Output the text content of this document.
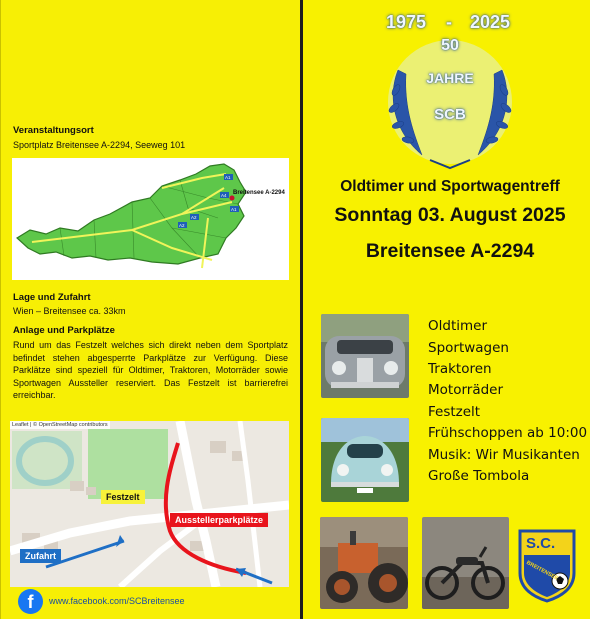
Veranstaltungsort
Sportplatz Breitensee A-2294, Seeweg 101
A1
A4
A2
A2
A1
Breitensee A-2294
Lage und Zufahrt
Wien – Breitensee ca. 33km
Anlage und Parkplätze
Rund um das Festzelt welches sich direkt neben dem Sportplatz befindet stehen abgesperrte Parkplätze zur Verfügung. Diese Parklätze sind speziell für Oldtimer, Traktoren, Motorräder sowie Sportwagen Aussteller reserviert. Das Festzelt ist barrierefrei erreichbar.
Leaflet | © OpenStreetMap contributors
Festzelt
Ausstellerparkplätze
Zufahrt
f	www.facebook.com/SCBreitensee
1975 - 2025
50
JAHRE
SCB
Oldtimer und Sportwagentreff
Sonntag 03. August 2025
Breitensee A-2294
S.C.
BREITENSEE
Oldtimer
Sportwagen
Traktoren
Motorräder
Festzelt
Frühschoppen ab 10:00
Musik: Wir Musikanten
Große Tombola
